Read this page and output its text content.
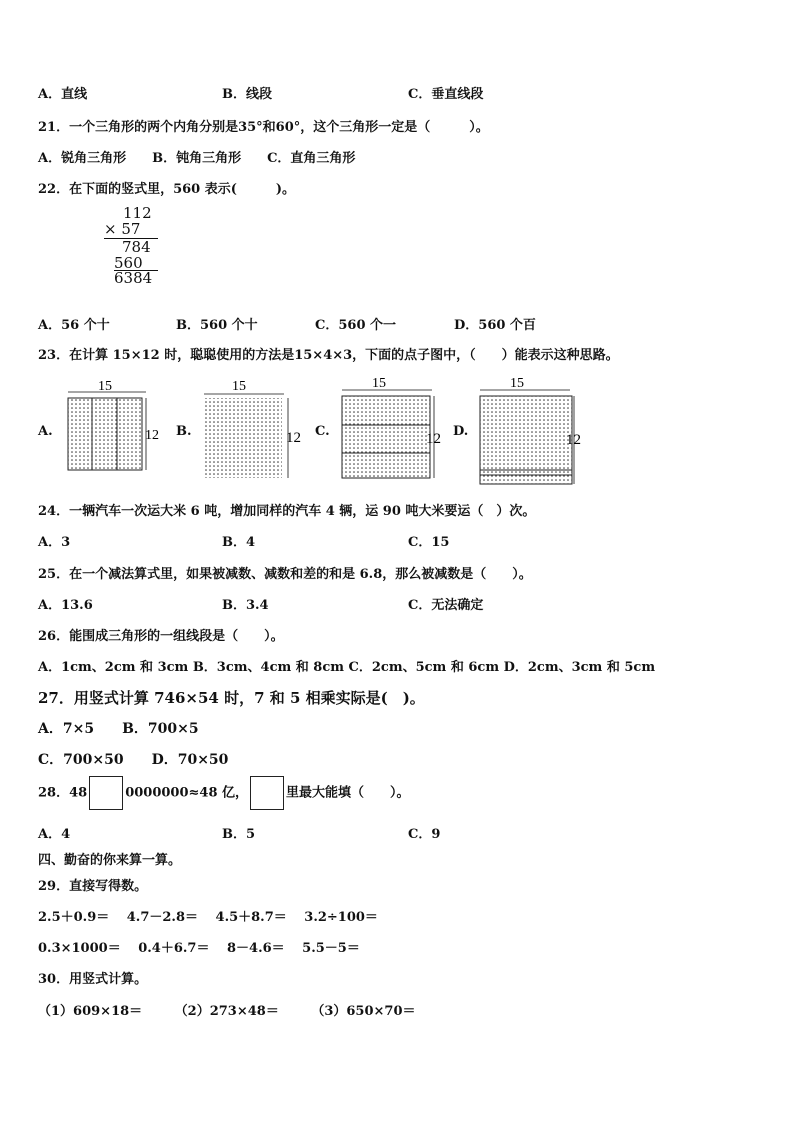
A．直线	B．线段	C．垂直线段
21．一个三角形的两个内角分别是35°和60°，这个三角形一定是（　　　）。
A．锐角三角形　　B．钝角三角形　　C．直角三角形
22．在下面的竖式里，560 表示(　　　)。
112
× 57
784
560
6384
A．56 个十	B．560 个十	C．560 个一	D．560 个百
23．在计算 15×12 时，聪聪使用的方法是15×4×3，下面的点子图中，（　　）能表示这种思路。
A.	B.	C.	D.
15
12
15
12
15
12
15
12
24．一辆汽车一次运大米 6 吨，增加同样的汽车 4 辆，运 90 吨大米要运（　）次。
A．3	B．4	C．15
25．在一个减法算式里，如果被减数、减数和差的和是 6.8，那么被减数是（　　）。
A．13.6	B．3.4	C．无法确定
26．能围成三角形的一组线段是（　　）。
A．1cm、2cm 和 3cm B．3cm、4cm 和 8cm C．2cm、5cm 和 6cm D．2cm、3cm 和 5cm
27．用竖式计算 746×54 时，7 和 5 相乘实际是(　)。
A．7×5　　B．700×5
C．700×50　　D．70×50
28．48	0000000≈48 亿，	里最大能填（　　）。
A．4	B．5	C．9
四、勤奋的你来算一算。
29．直接写得数。
2.5＋0.9＝　 4.7－2.8＝　 4.5＋8.7＝　 3.2÷100＝
0.3×1000＝　 0.4＋6.7＝　 8－4.6＝　 5.5－5＝
30．用竖式计算。
（1）609×18＝　　　（2）273×48＝　　　（3）650×70＝
